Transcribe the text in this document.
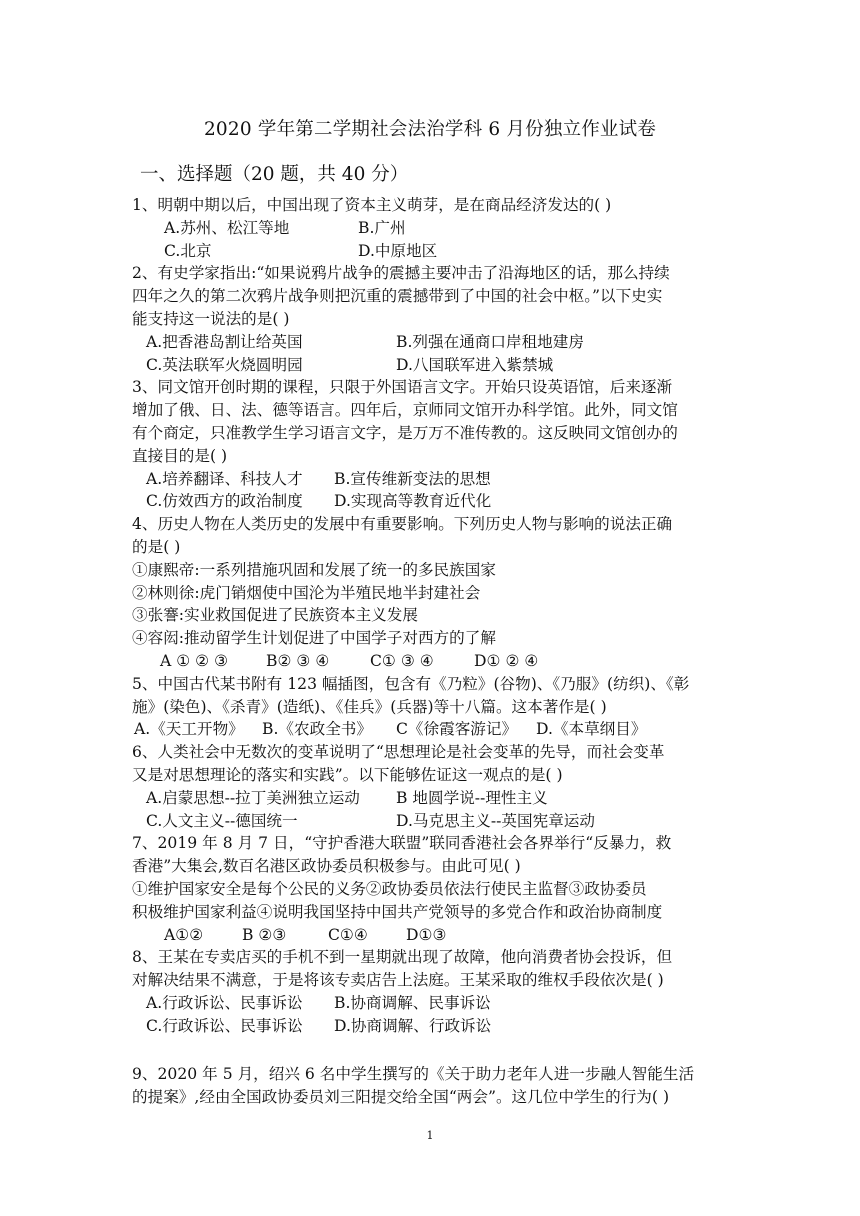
2020 学年第二学期社会法治学科 6 月份独立作业试卷
一、选择题（20 题，共 40 分）

1、明朝中期以后，中国出现了资本主义萌芽，是在商品经济发达的( )

A.苏州、松江等地	B.广州

C.北京	D.中原地区

2、有史学家指出:“如果说鸦片战争的震撼主要冲击了沿海地区的话，那么持续

四年之久的第二次鸦片战争则把沉重的震撼带到了中国的社会中枢。”以下史实

能支持这一说法的是( )

A.把香港岛割让给英国	B.列强在通商口岸租地建房

C.英法联军火烧圆明园	D.八国联军进入紫禁城

3、同文馆开创时期的课程，只限于外国语言文字。开始只设英语馆，后来逐渐

增加了俄、日、法、德等语言。四年后，京师同文馆开办科学馆。此外，同文馆

有个商定，只准教学生学习语言文字，是万万不准传教的。这反映同文馆创办的

直接目的是( )

A.培养翻译、科技人才 B.宣传维新变法的思想

C.仿效西方的政治制度 D.实现高等教育近代化

4、历史人物在人类历史的发展中有重要影响。下列历史人物与影响的说法正确

的是( )

①康熙帝:一系列措施巩固和发展了统一的多民族国家

②林则徐:虎门销烟使中国沦为半殖民地半封建社会

③张謇:实业救国促进了民族资本主义发展

④容闳:推动留学生计划促进了中国学子对西方的了解

A ① ② ③ B② ③ ④	C① ③ ④	D① ② ④

5、中国古代某书附有 123 幅插图，包含有《乃粒》(谷物)、《乃服》(纺织)、《彰

施》(染色)、《杀青》(造纸)、《佳兵》(兵器)等十八篇。这本著作是( )

A.《天工开物》 B.《农政全书》 C《徐霞客游记》 D.《本草纲目》

6、人类社会中无数次的变革说明了“思想理论是社会变革的先导，而社会变革

又是对思想理论的落实和实践”。以下能够佐证这一观点的是( )

A.启蒙思想--拉丁美洲独立运动 B 地圆学说--理性主义

C.人文主义--德国统一	D.马克思主义--英国宪章运动

7、2019 年 8 月 7 日，“守护香港大联盟”联同香港社会各界举行“反暴力，救

香港”大集会,数百名港区政协委员积极参与。由此可见( )

①维护国家安全是每个公民的义务②政协委员依法行使民主监督③政协委员

积极维护国家利益④说明我国坚持中国共产党领导的多党合作和政治协商制度

A①② B ②③	C①④ D①③

8、王某在专卖店买的手机不到一星期就出现了故障，他向消费者协会投诉，但

对解决结果不满意，于是将该专卖店告上法庭。王某采取的维权手段依次是( )

A.行政诉讼、民事诉讼 B.协商调解、民事诉讼

C.行政诉讼、民事诉讼 D.协商调解、行政诉讼

9、2020 年 5 月，绍兴 6 名中学生撰写的《关于助力老年人进一步融人智能生活

的提案》,经由全国政协委员刘三阳提交给全国“两会”。这几位中学生的行为( )

1
